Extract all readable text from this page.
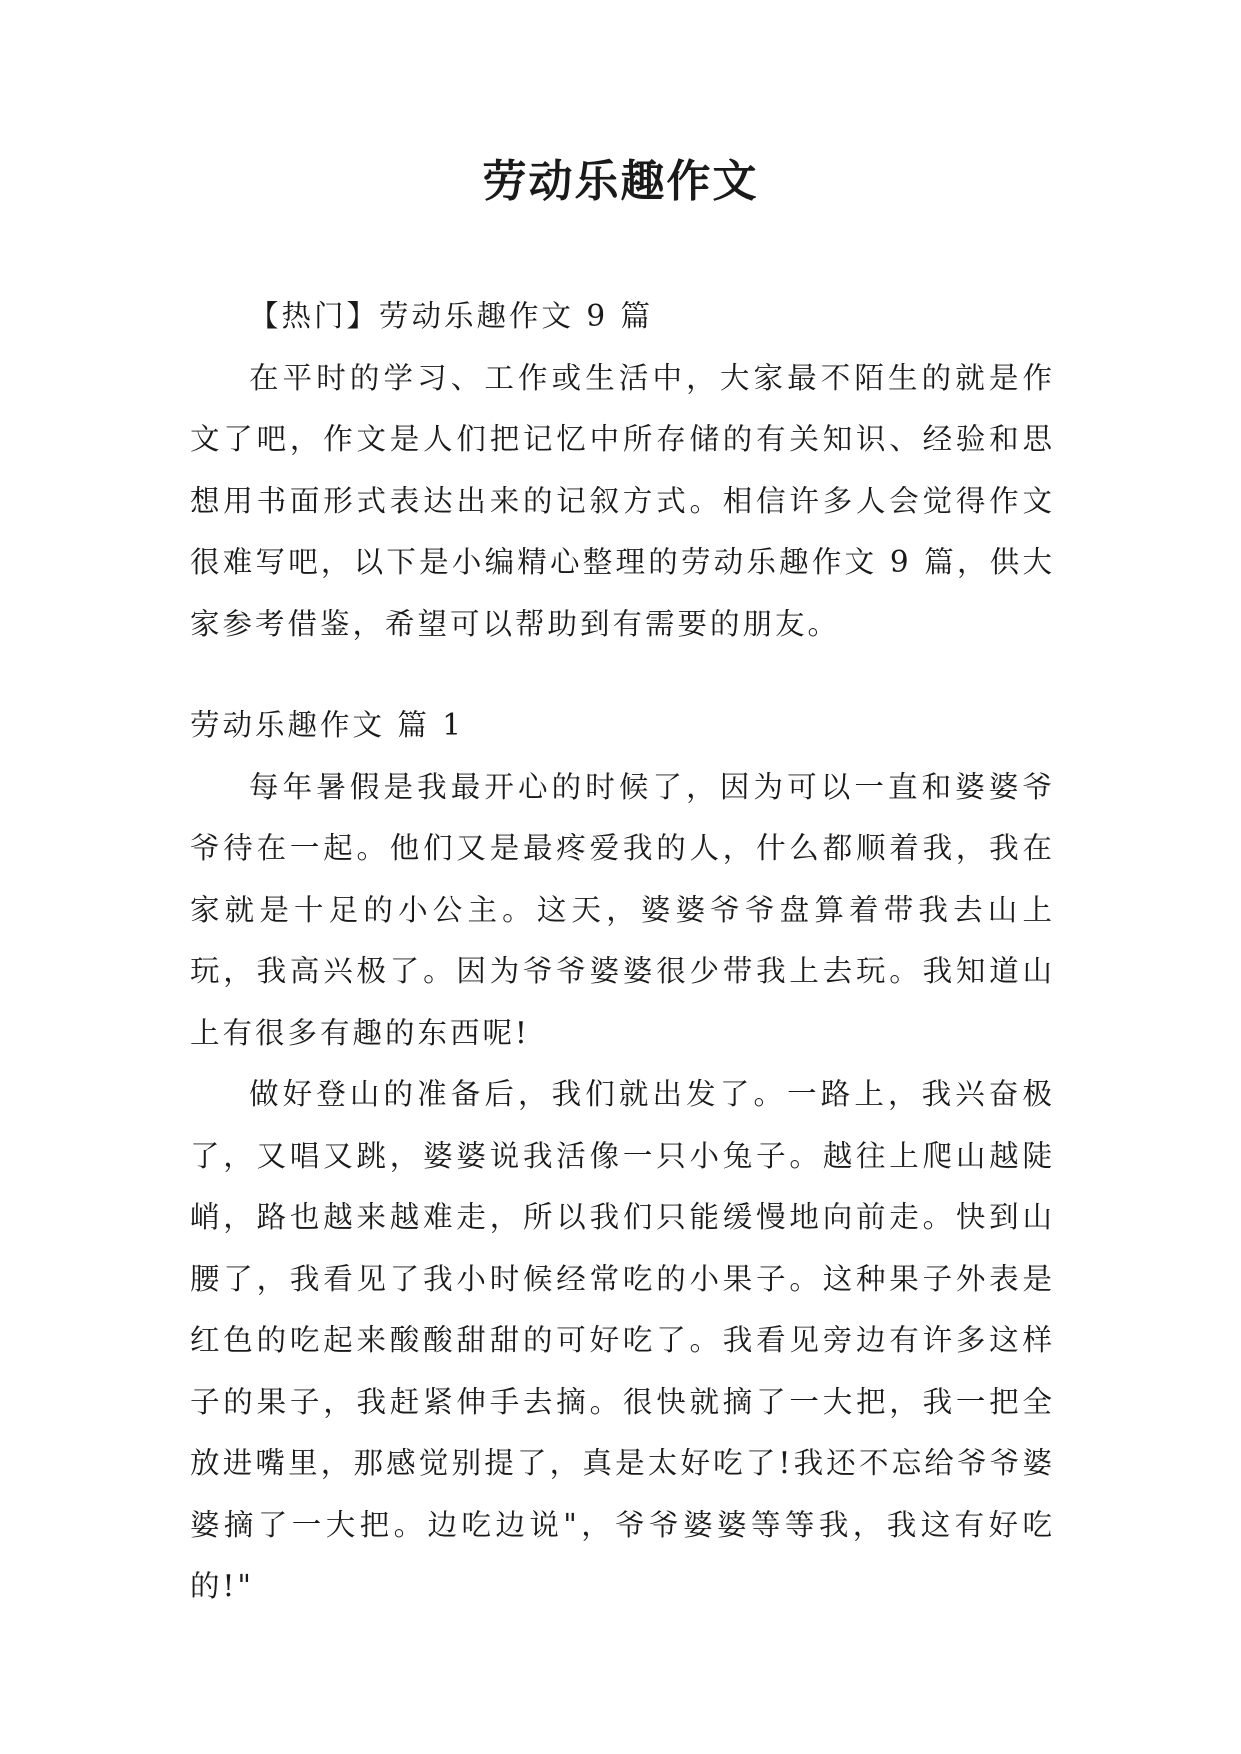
劳动乐趣作文

【热门】劳动乐趣作文 9 篇

在平时的学习、工作或生活中，大家最不陌生的就是作文了吧，作文是人们把记忆中所存储的有关知识、经验和思想用书面形式表达出来的记叙方式。相信许多人会觉得作文很难写吧，以下是小编精心整理的劳动乐趣作文 9 篇，供大家参考借鉴，希望可以帮助到有需要的朋友。

劳动乐趣作文 篇 1

每年暑假是我最开心的时候了，因为可以一直和婆婆爷爷待在一起。他们又是最疼爱我的人，什么都顺着我，我在家就是十足的小公主。这天，婆婆爷爷盘算着带我去山上玩，我高兴极了。因为爷爷婆婆很少带我上去玩。我知道山上有很多有趣的东西呢!

做好登山的准备后，我们就出发了。一路上，我兴奋极了，又唱又跳，婆婆说我活像一只小兔子。越往上爬山越陡峭，路也越来越难走，所以我们只能缓慢地向前走。快到山腰了，我看见了我小时候经常吃的小果子。这种果子外表是红色的吃起来酸酸甜甜的可好吃了。我看见旁边有许多这样子的果子，我赶紧伸手去摘。很快就摘了一大把，我一把全放进嘴里，那感觉别提了，真是太好吃了!我还不忘给爷爷婆婆摘了一大把。边吃边说"，爷爷婆婆等等我，我这有好吃的!"
